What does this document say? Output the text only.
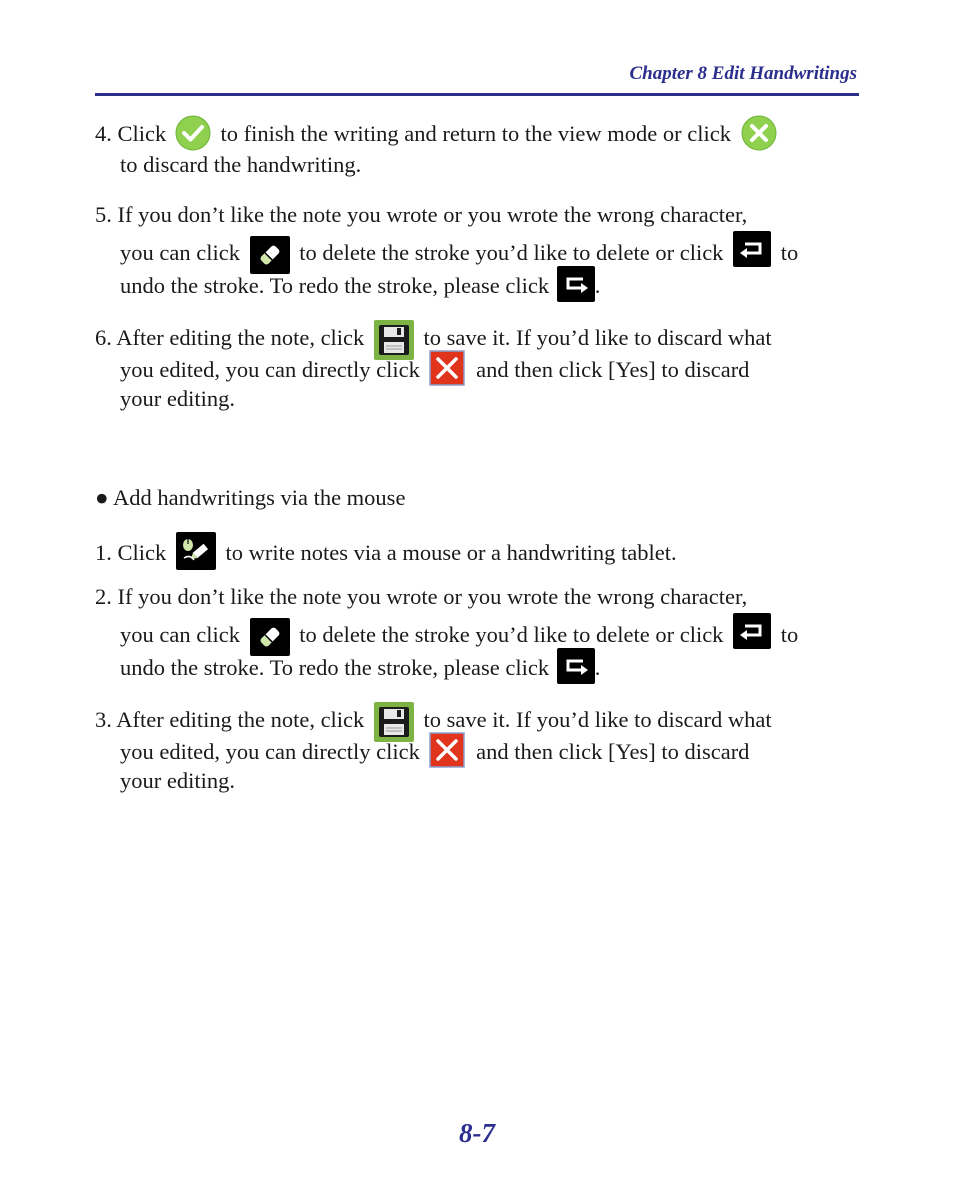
Chapter 8 Edit Handwritings
4. Click to finish the writing and return to the view mode or click
to discard the handwriting.
5. If you don’t like the note you wrote or you wrote the wrong character,
you can click	to delete the stroke you’d like to delete or click	to
undo the stroke. To redo the stroke, please click .
6. After editing the note, click	to save it. If you’d like to discard what
you edited, you can directly click	and then click [Yes] to discard
your editing.
● Add handwritings via the mouse
1. Click	to write notes via a mouse or a handwriting tablet.
2. If you don’t like the note you wrote or you wrote the wrong character,
you can click	to delete the stroke you’d like to delete or click	to
undo the stroke. To redo the stroke, please click .
3. After editing the note, click	to save it. If you’d like to discard what
you edited, you can directly click	and then click [Yes] to discard
your editing.
8-7
